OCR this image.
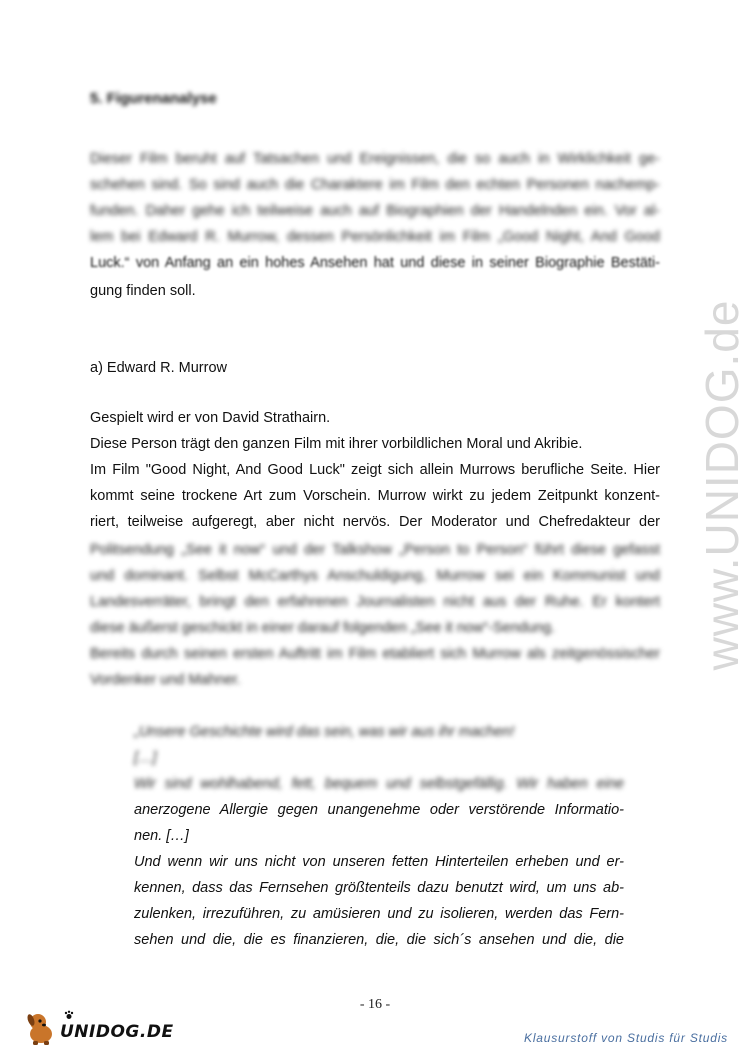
5. Figurenanalyse
Dieser Film beruht auf Tatsachen und Ereignissen, die so auch in Wirklichkeit ge-
schehen sind. So sind auch die Charaktere im Film den echten Personen nachemp-
funden. Daher gehe ich teilweise auch auf Biographien der Handelnden ein. Vor al-
lem bei Edward R. Murrow, dessen Persönlichkeit im Film „Good Night, And Good
Luck.“ von Anfang an ein hohes Ansehen hat und diese in seiner Biographie Bestäti-
gung finden soll.
a) Edward R. Murrow
Gespielt wird er von David Strathairn.
Diese Person trägt den ganzen Film mit ihrer vorbildlichen Moral und Akribie.
Im Film "Good Night, And Good Luck" zeigt sich allein Murrows berufliche Seite. Hier
kommt seine trockene Art zum Vorschein. Murrow wirkt zu jedem Zeitpunkt konzent-
riert, teilweise aufgeregt, aber nicht nervös. Der Moderator und Chefredakteur der
Politsendung „See it now“ und der Talkshow „Person to Person“ führt diese gefasst
und dominant. Selbst McCarthys Anschuldigung, Murrow sei ein Kommunist und
Landesverräter, bringt den erfahrenen Journalisten nicht aus der Ruhe. Er kontert
diese äußerst geschickt in einer darauf folgenden „See it now“-Sendung.
Bereits durch seinen ersten Auftritt im Film etabliert sich Murrow als zeitgenössischer
Vordenker und Mahner.
„Unsere Geschichte wird das sein, was wir aus ihr machen!
[…]
Wir sind wohlhabend, fett, bequem und selbstgefällig. Wir haben eine
anerzogene Allergie gegen unangenehme oder verstörende Informatio-
nen. […]
Und wenn wir uns nicht von unseren fetten Hinterteilen erheben und er-
kennen, dass das Fernsehen größtenteils dazu benutzt wird, um uns ab-
zulenken, irrezuführen, zu amüsieren und zu isolieren, werden das Fern-
sehen und die, die es finanzieren, die, die sich´s ansehen und die, die
www.UNIDOG.de
- 16 -
UNIDOG.DE	Klausurstoff von Studis für Studis
